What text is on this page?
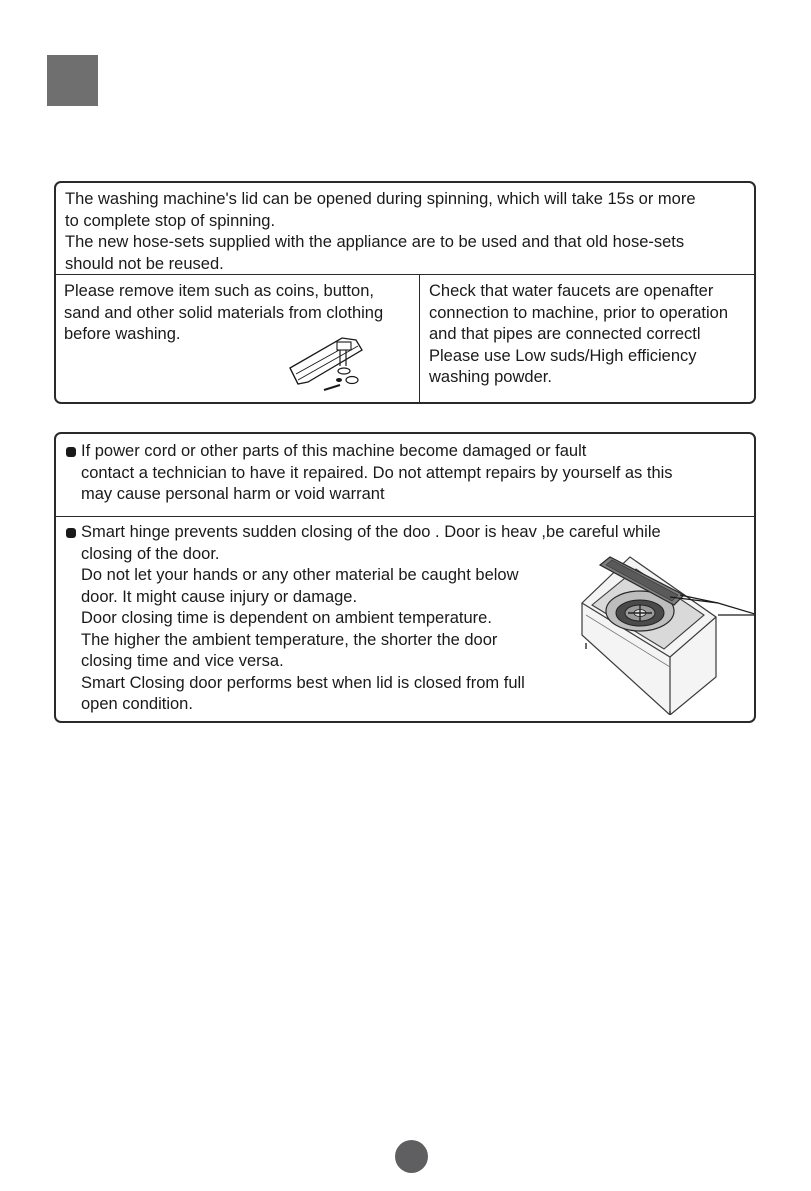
The washing machine's lid can be opened during spinning, which will take 15s or more
to complete stop of spinning.
The new hose-sets supplied with the appliance are to be used and that old hose-sets
should not be reused.
Please remove item such as coins, button,
sand and other solid materials from clothing
before washing.
Check that water faucets are openafter
connection to machine, prior to operation
and that pipes are connected correctl
Please use Low suds/High efficiency
washing powder.
If power cord or other parts of this machine become damaged or fault
contact a technician to have it repaired. Do not attempt repairs by yourself as this
may cause personal harm or void warrant
Smart hinge prevents sudden closing of the doo . Door is heav ,be careful while
closing of the door.
Do not let your hands or any other material be caught below
door. It might cause injury or damage.
Door closing time is dependent on ambient temperature.
The higher the ambient temperature, the shorter the door
closing time and vice versa.
Smart Closing door performs best when lid is closed from full
open condition.
